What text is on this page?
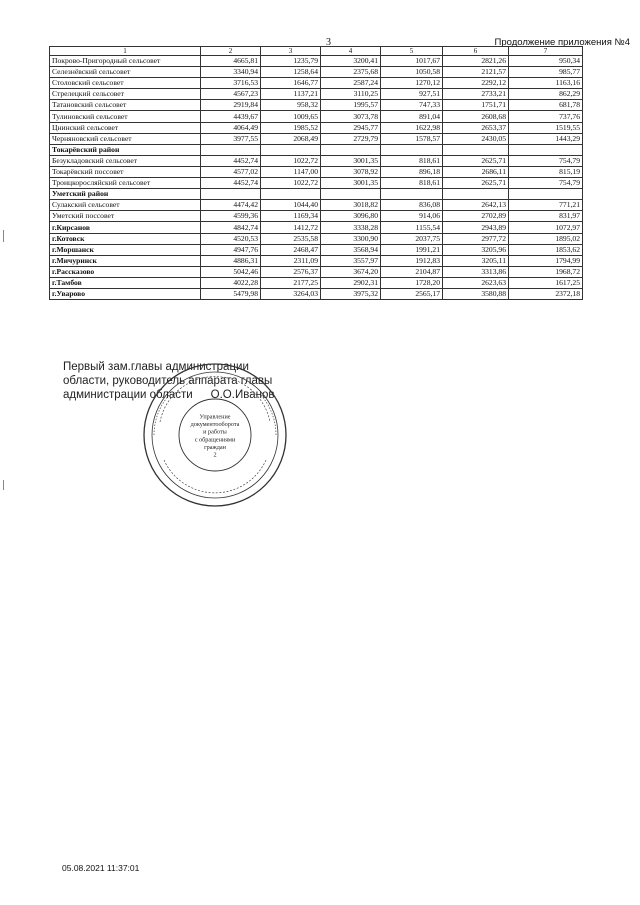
3	Продолжение приложения №4
1	2	3	4	5	6	7
Покрово-Пригородный сельсовет	4665,81	1235,79	3200,41	1017,67	2821,26	950,34
Селезнёвский сельсовет	3340,94	1258,64	2375,68	1050,58	2121,57	985,77
Столовский сельсовет	3716,53	1646,77	2587,24	1270,12	2292,12	1163,16
Стрелецкий сельсовет	4567,23	1137,21	3110,25	927,51	2733,21	862,29
Татановский сельсовет	2919,84	958,32	1995,57	747,33	1751,71	681,78
Тулиновский сельсовет	4439,67	1009,65	3073,78	891,04	2608,68	737,76
Цнинский сельсовет	4064,49	1985,52	2945,77	1622,98	2653,37	1519,55
Черняновский сельсовет	3977,55	2068,49	2729,79	1578,57	2430,05	1443,29
Токарёвский район						
Безукладовский сельсовет	4452,74	1022,72	3001,35	818,61	2625,71	754,79
Токарёвский поссовет	4577,02	1147,00	3078,92	896,18	2686,11	815,19
Троицкоросляйский сельсовет	4452,74	1022,72	3001,35	818,61	2625,71	754,79
Уметский район						
Сулакский сельсовет	4474,42	1044,40	3018,82	836,08	2642,13	771,21
Уметский поссовет	4599,36	1169,34	3096,80	914,06	2702,89	831,97
г.Кирсанов	4842,74	1412,72	3338,28	1155,54	2943,89	1072,97
г.Котовск	4520,53	2535,58	3300,90	2037,75	2977,72	1895,02
г.Моршанск	4947,76	2468,47	3568,94	1991,21	3205,96	1853,62
г.Мичуринск	4886,31	2311,09	3557,97	1912,83	3205,11	1794,99
г.Рассказово	5042,46	2576,37	3674,20	2104,87	3313,86	1968,72
г.Тамбов	4022,28	2177,25	2902,31	1728,20	2623,63	1617,25
г.Уварово	5479,98	3264,03	3975,32	2565,17	3580,88	2372,18
Первый зам.главы администрации
области, руководитель аппарата главы
администрации области О.О.Иванов
Управление
документооборота
и работы
с обращениями
граждан
2
05.08.2021 11:37:01
